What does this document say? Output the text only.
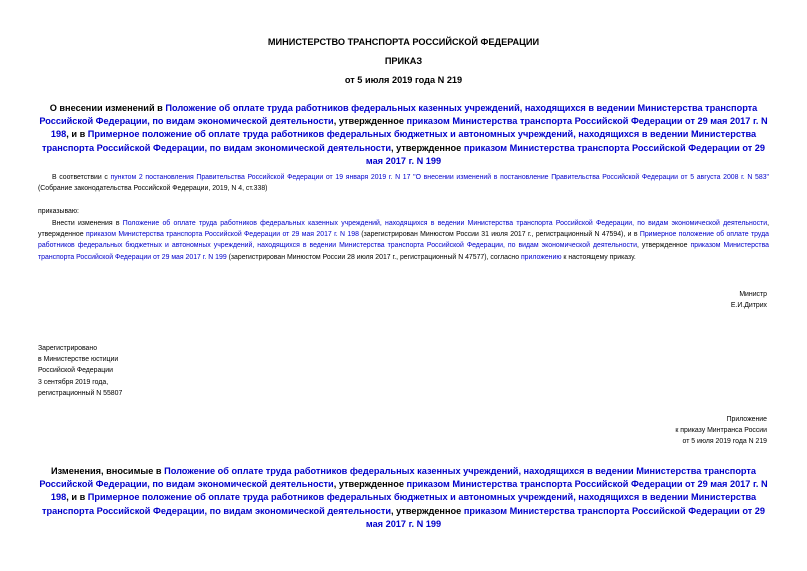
МИНИСТЕРСТВО ТРАНСПОРТА РОССИЙСКОЙ ФЕДЕРАЦИИ
ПРИКАЗ
от 5 июля 2019 года N 219
О внесении изменений в Положение об оплате труда работников федеральных казенных учреждений, находящихся в ведении Министерства транспорта Российской Федерации, по видам экономической деятельности, утвержденное приказом Министерства транспорта Российской Федерации от 29 мая 2017 г. N 198, и в Примерное положение об оплате труда работников федеральных бюджетных и автономных учреждений, находящихся в ведении Министерства транспорта Российской Федерации, по видам экономической деятельности, утвержденное приказом Министерства транспорта Российской Федерации от 29 мая 2017 г. N 199
В соответствии с пунктом 2 постановления Правительства Российской Федерации от 19 января 2019 г. N 17 "О внесении изменений в постановление Правительства Российской Федерации от 5 августа 2008 г. N 583" (Собрание законодательства Российской Федерации, 2019, N 4, ст.338)
приказываю:
Внести изменения в Положение об оплате труда работников федеральных казенных учреждений, находящихся в ведении Министерства транспорта Российской Федерации, по видам экономической деятельности, утвержденное приказом Министерства транспорта Российской Федерации от 29 мая 2017 г. N 198 (зарегистрирован Минюстом России 31 июля 2017 г., регистрационный N 47594), и в Примерное положение об оплате труда работников федеральных бюджетных и автономных учреждений, находящихся в ведении Министерства транспорта Российской Федерации, по видам экономической деятельности, утвержденное приказом Министерства транспорта Российской Федерации от 29 мая 2017 г. N 199 (зарегистрирован Минюстом России 28 июля 2017 г., регистрационный N 47577), согласно приложению к настоящему приказу.
Министр
Е.И.Дитрих
Зарегистрировано
в Министерстве юстиции
Российской Федерации
3 сентября 2019 года,
регистрационный N 55807
Приложение
к приказу Минтранса России
от 5 июля 2019 года N 219
Изменения, вносимые в Положение об оплате труда работников федеральных казенных учреждений, находящихся в ведении Министерства транспорта Российской Федерации, по видам экономической деятельности, утвержденное приказом Министерства транспорта Российской Федерации от 29 мая 2017 г. N 198, и в Примерное положение об оплате труда работников федеральных бюджетных и автономных учреждений, находящихся в ведении Министерства транспорта Российской Федерации, по видам экономической деятельности, утвержденное приказом Министерства транспорта Российской Федерации от 29 мая 2017 г. N 199
